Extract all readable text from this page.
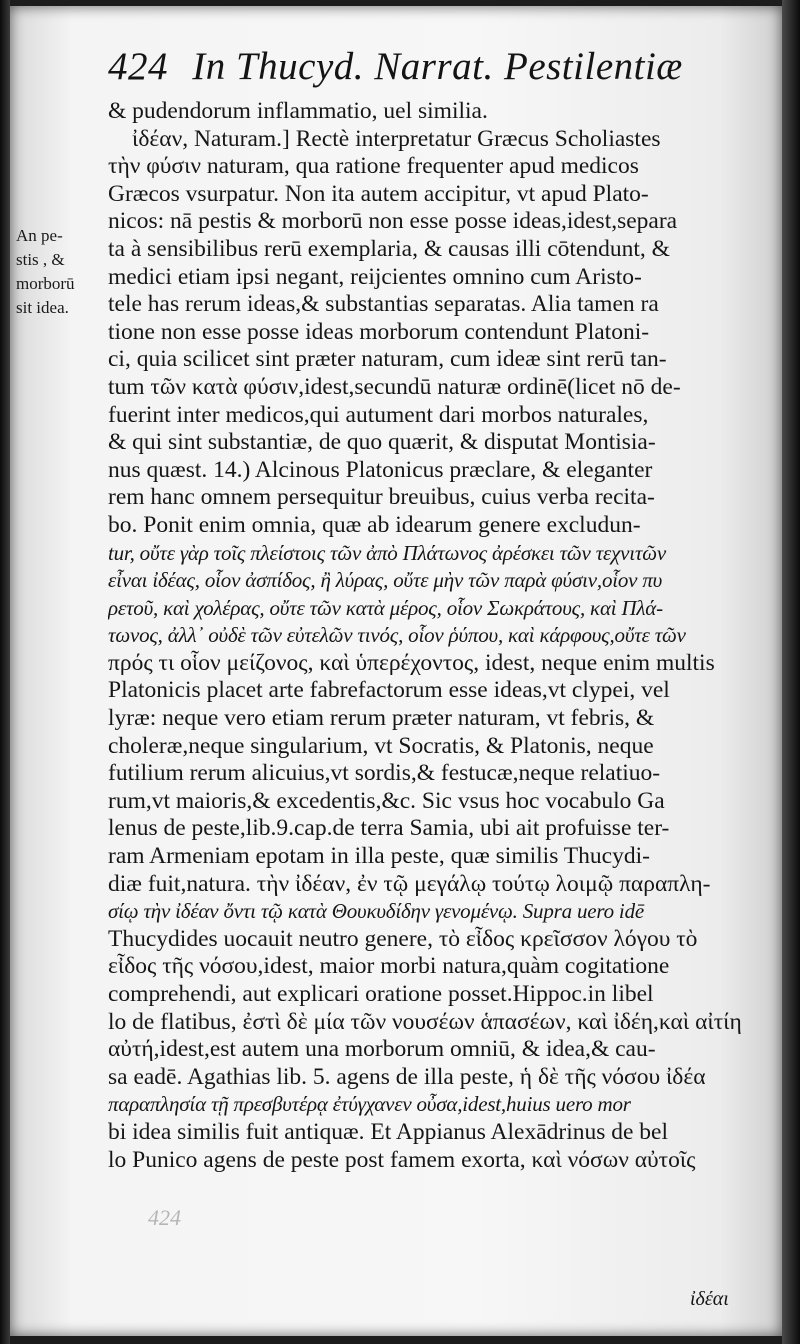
424 In Thucyd. Narrat. Pestilentiæ
An pe-
stis , &
morborū
sit idea.
& pudendorum inflammatio, uel similia.
ἰδέαν, Naturam.] Rectè interpretatur Græcus Scholiastes
τὴν φύσιν naturam, qua ratione frequenter apud medicos
Græcos vsurpatur. Non ita autem accipitur, vt apud Plato-
nicos: nā pestis & morborū non esse posse ideas,idest,separa
ta à sensibilibus rerū exemplaria, & causas illi cōtendunt, &
medici etiam ipsi negant, reijcientes omnino cum Aristo-
tele has rerum ideas,& substantias separatas. Alia tamen ra
tione non esse posse ideas morborum contendunt Platoni-
ci, quia scilicet sint præter naturam, cum ideæ sint rerū tan-
tum τῶν κατὰ φύσιν,idest,secundū naturæ ordinē(licet nō de-
fuerint inter medicos,qui autument dari morbos naturales,
& qui sint substantiæ, de quo quærit, & disputat Montisia-
nus quæst. 14.) Alcinous Platonicus præclare, & eleganter
rem hanc omnem persequitur breuibus, cuius verba recita-
bo. Ponit enim omnia, quæ ab idearum genere excludun-
tur, οὔτε γὰρ τοῖς πλείστοις τῶν ἀπὸ Πλάτωνος ἀρέσκει τῶν τεχνιτῶν
εἶναι ἰδέας, οἷον ἀσπίδος, ἢ λύρας, οὔτε μὴν τῶν παρὰ φύσιν,οἷον πυ
ρετοῦ, καὶ χολέρας, οὔτε τῶν κατὰ μέρος, οἷον Σωκράτους, καὶ Πλά-
τωνος, ἀλλ᾽ οὐδὲ τῶν εὐτελῶν τινός, οἷον ῥύπου, καὶ κάρφους,οὔτε τῶν
πρός τι οἷον μείζονος, καὶ ὑπερέχοντος, idest, neque enim multis
Platonicis placet arte fabrefactorum esse ideas,vt clypei, vel
lyræ: neque vero etiam rerum præter naturam, vt febris, &
choleræ,neque singularium, vt Socratis, & Platonis, neque
futilium rerum alicuius,vt sordis,& festucæ,neque relatiuo-
rum,vt maioris,& excedentis,&c. Sic vsus hoc vocabulo Ga
lenus de peste,lib.9.cap.de terra Samia, ubi ait profuisse ter-
ram Armeniam epotam in illa peste, quæ similis Thucydi-
diæ fuit,natura. τὴν ἰδέαν, ἐν τῷ μεγάλῳ τούτῳ λοιμῷ παραπλη-
σίῳ τὴν ἰδέαν ὄντι τῷ κατὰ Θουκυδίδην γενομένῳ. Supra uero idē
Thucydides uocauit neutro genere, τὸ εἶδος κρεῖσσον λόγου τὸ
εἶδος τῆς νόσου,idest, maior morbi natura,quàm cogitatione
comprehendi, aut explicari oratione posset.Hippoc.in libel
lo de flatibus, ἐστὶ δὲ μία τῶν νουσέων ἁπασέων, καὶ ἰδέη,καὶ αἰτίη
αὐτή,idest,est autem una morborum omniū, & idea,& cau-
sa eadē. Agathias lib. 5. agens de illa peste, ἡ δὲ τῆς νόσου ἰδέα
παραπλησία τῇ πρεσβυτέρᾳ ἐτύγχανεν οὖσα,idest,huius uero mor
bi idea similis fuit antiquæ. Et Appianus Alexādrinus de bel
lo Punico agens de peste post famem exorta, καὶ νόσων αὐτοῖς
424
ἰδέαι
